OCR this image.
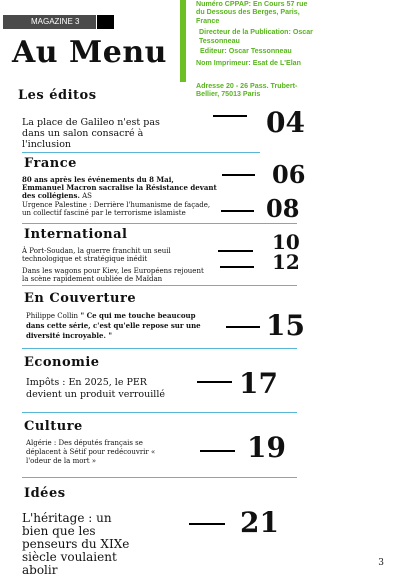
MAGAZINE 3
Au Menu

Numéro CPPAP: En Cours 57 rue du Dessous des Berges, Paris, France

Directeur de la Publication: Oscar Tessonneau

Editeur: Oscar Tessonneau

Nom Imprimeur: Esat de L'Elan

Adresse 20 - 26 Pass. Trubert-Bellier, 75013 Paris
Les éditos
La place de Galileo n'est pas dans un salon consacré à l'inclusion
04
France
80 ans après les événements du 8 Mai, Emmanuel Macron sacralise la Résistance devant des collégiens. AS
06
Urgence Palestine : Derrière l'humanisme de façade, un collectif fasciné par le terrorisme islamiste	08
International
À Port-Soudan, la guerre franchit un seuil technologique et stratégique inédit
10
Dans les wagons pour Kiev, les Européens rejouent la scène rapidement oubliée de Maïdan
12
En Couverture
Philippe Collin " Ce qui me touche beaucoup dans cette série, c'est qu'elle repose sur une diversité incroyable. "	15
Economie
Impôts : En 2025, le PER devient un produit verrouillé	17
Culture
Algérie : Des députés français se déplacent à Sétif pour redécouvrir « l'odeur de la mort »	19
Idées
L'héritage : un bien que les penseurs du XIXe siècle voulaient abolir
21
3
